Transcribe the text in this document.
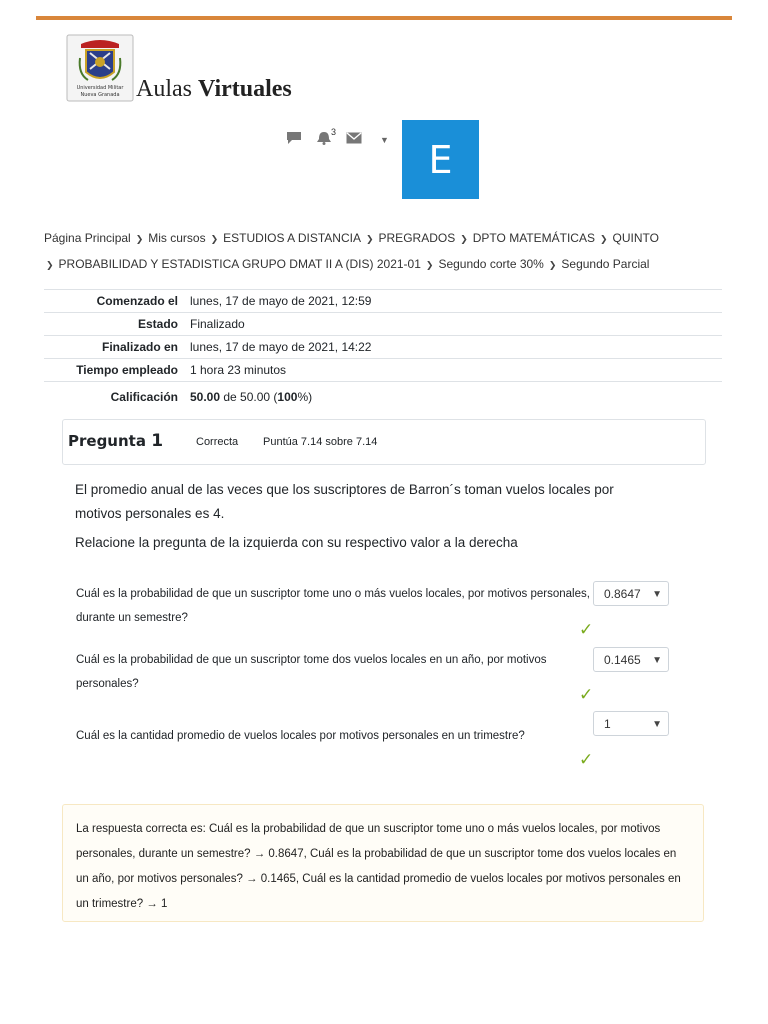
Universidad Militar
Nueva Granada Aulas Virtuales
3
▼ E
Página Principal ❯ Mis cursos ❯ ESTUDIOS A DISTANCIA ❯ PREGRADOS ❯ DPTO MATEMÁTICAS ❯ QUINTO
❯ PROBABILIDAD Y ESTADISTICA GRUPO DMAT II A (DIS) 2021-01 ❯ Segundo corte 30% ❯ Segundo Parcial
Comenzado el	lunes, 17 de mayo de 2021, 12:59
Estado	Finalizado
Finalizado en	lunes, 17 de mayo de 2021, 14:22
Tiempo empleado	1 hora 23 minutos
Calificación	50.00 de 50.00 (100%)
Pregunta 1	Correcta Puntúa 7.14 sobre 7.14

El promedio anual de las veces que los suscriptores de Barron´s toman vuelos locales por motivos personales es 4.

Relacione la pregunta de la izquierda con su respectivo valor a la derecha

Cuál es la probabilidad de que un suscriptor tome uno o más vuelos locales, por motivos personales, durante un semestre?
0.8647 ▼
✓
Cuál es la probabilidad de que un suscriptor tome dos vuelos locales en un año, por motivos personales?
0.1465 ▼
✓
Cuál es la cantidad promedio de vuelos locales por motivos personales en un trimestre?
1	▼
✓
La respuesta correcta es: Cuál es la probabilidad de que un suscriptor tome uno o más vuelos locales, por motivos personales, durante un semestre? → 0.8647, Cuál es la probabilidad de que un suscriptor tome dos vuelos locales en un año, por motivos personales? → 0.1465, Cuál es la cantidad promedio de vuelos locales por motivos personales en un trimestre? → 1
